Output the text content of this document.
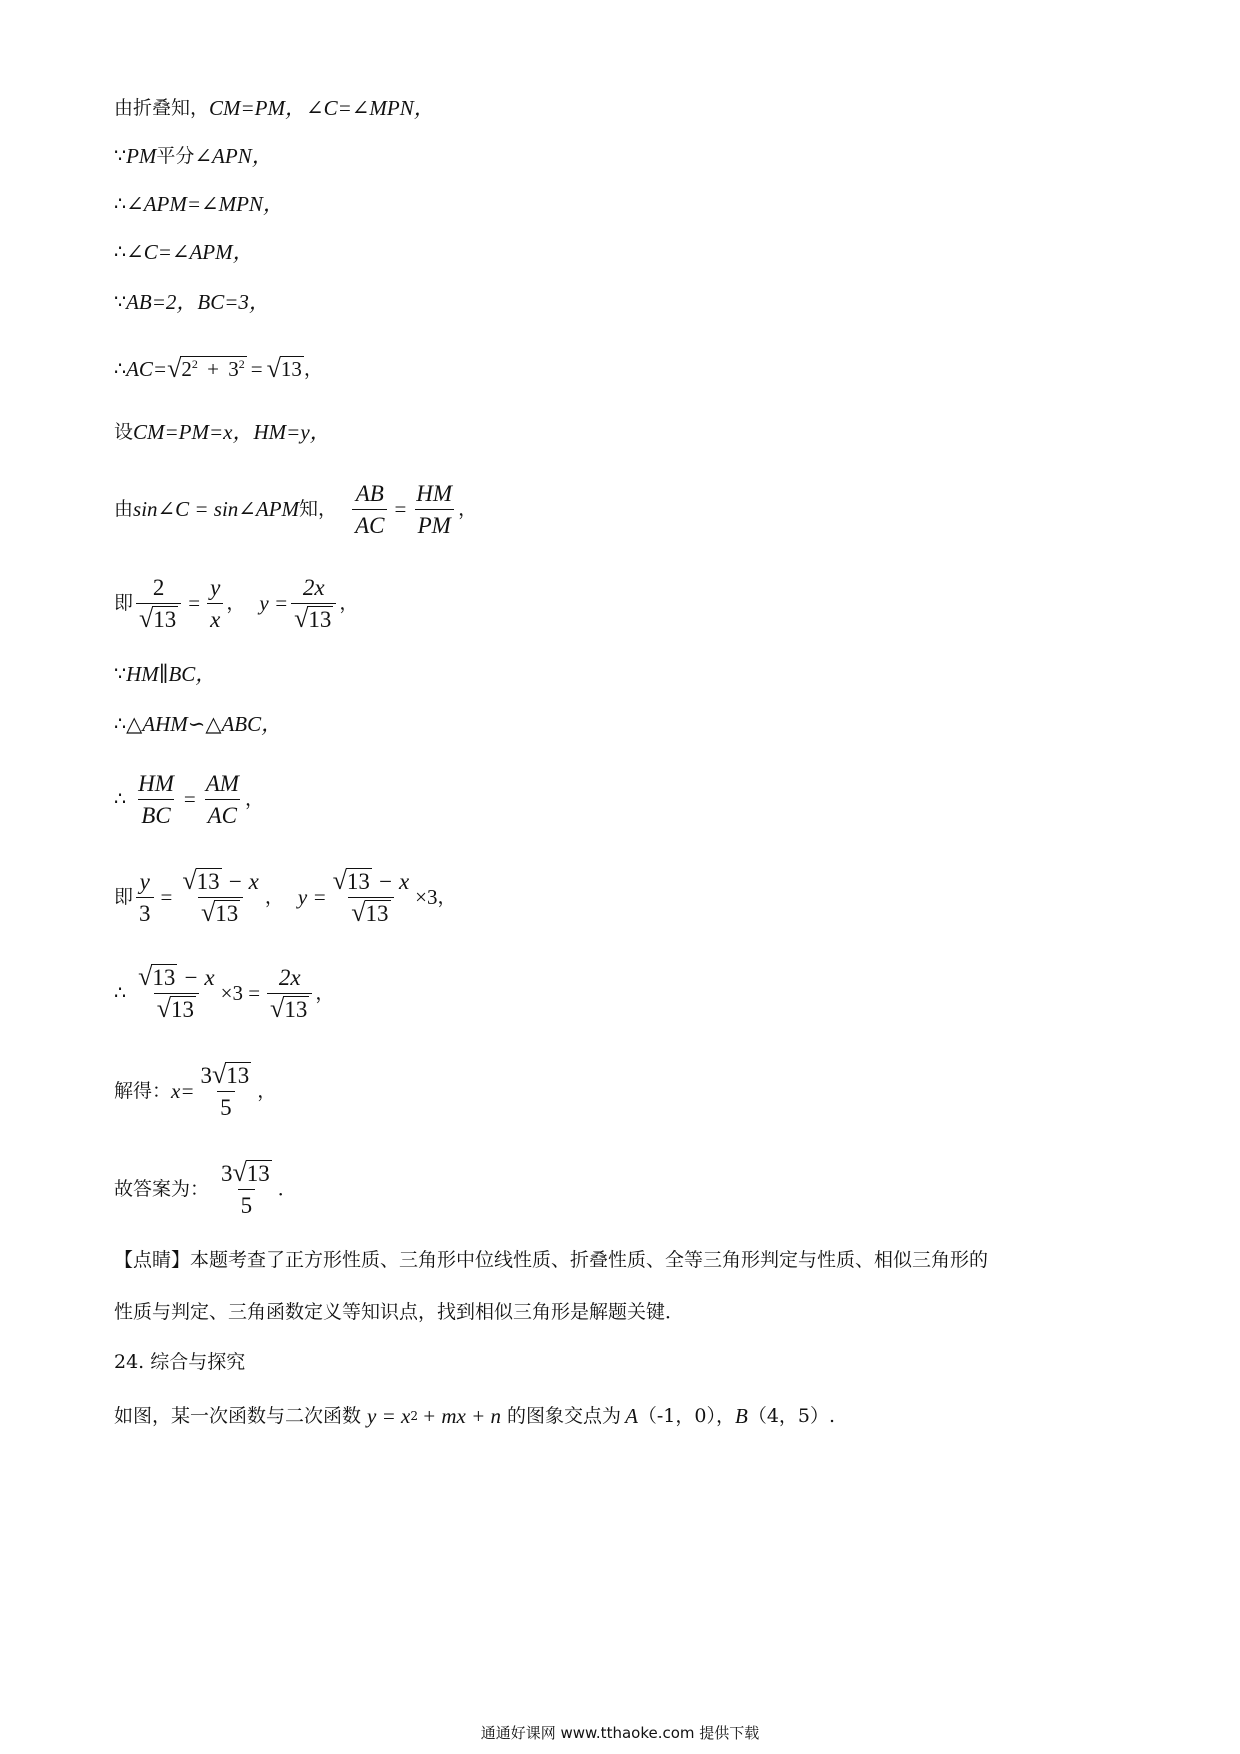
由折叠知， CM=PM，∠C=∠MPN，
∵ PM 平分 ∠APN，
∴ ∠APM=∠MPN，
∴ ∠C=∠APM，
∵ AB=2，BC=3，
∴ AC= √ $2^2 + 3^2$ = √ 13 ，
设 CM=PM=x，HM=y，
由 sin∠C = sin∠APM 知， $\frac{AB}{AC} = \frac{HM}{PM}$ ，
即 $\frac{2}{√ 13} = \frac{y}{x}$ ， $y = \frac{2x}{√ 13}$ ，
∵ HM∥BC，
∴ △AHM∽△ABC，
∴ $\frac{HM}{BC} = \frac{AM}{AC}$ ，
即 $\frac{y}{3} = \frac{√ 13 - x}{√ 13}$ ， $y = \frac{√ 13 - x}{√ 13} \times 3$ ，
∴ $\frac{√ 13 - x}{√ 13} \times 3 = \frac{2x}{√ 13}$ ，
解得： $x= \frac{3 √ 13}{5}$ ，
故答案为： $\frac{3 √ 13}{5}$ ．
【点睛】本题考查了正方形性质、三角形中位线性质、折叠性质、全等三角形判定与性质、相似三角形的
性质与判定、三角函数定义等知识点，找到相似三角形是解题关键．
24. 综合与探究
如图，某一次函数与二次函数 y = x 2 + mx + n 的图象交点为 A （-1，0）， B （4，5）.
通通好课网 www.tthaoke.com 提供下载
